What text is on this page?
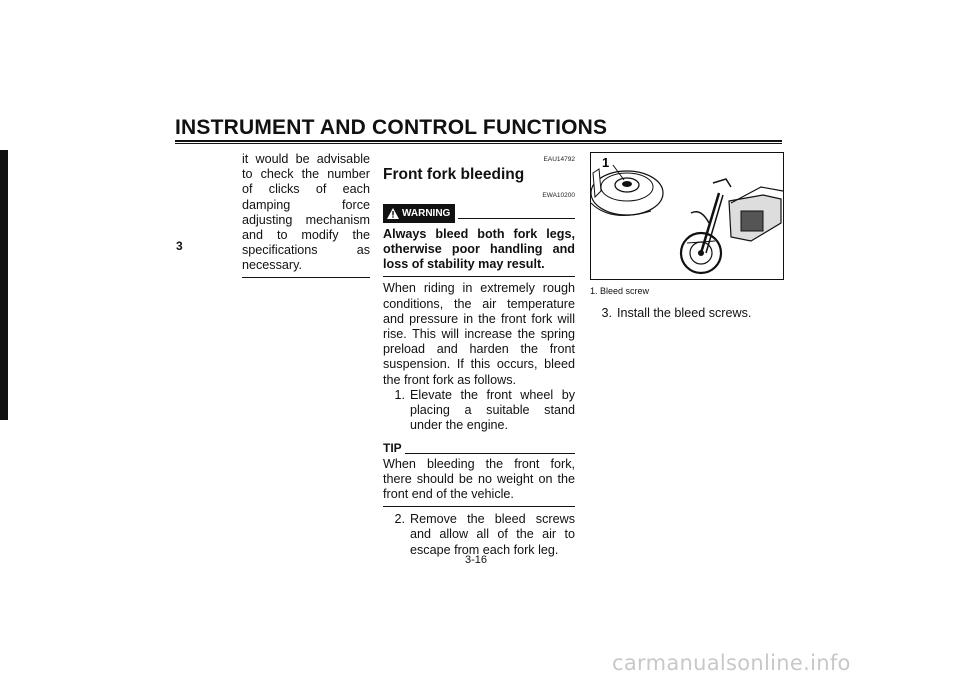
INSTRUMENT AND CONTROL FUNCTIONS
3
it would be advisable to check the number of clicks of each damping force adjusting mechanism and to modify the specifications as necessary.
EAU14792
Front fork bleeding
EWA10200
WARNING
Always bleed both fork legs, otherwise poor handling and loss of stability may result.
When riding in extremely rough conditions, the air temperature and pressure in the front fork will rise. This will increase the spring preload and harden the front suspension. If this occurs, bleed the front fork as follows.
1. Elevate the front wheel by placing a suitable stand under the engine.
TIP
When bleeding the front fork, there should be no weight on the front end of the vehicle.
2. Remove the bleed screws and allow all of the air to escape from each fork leg.
1
1. Bleed screw
3. Install the bleed screws.
3-16
carmanualsonline.info
